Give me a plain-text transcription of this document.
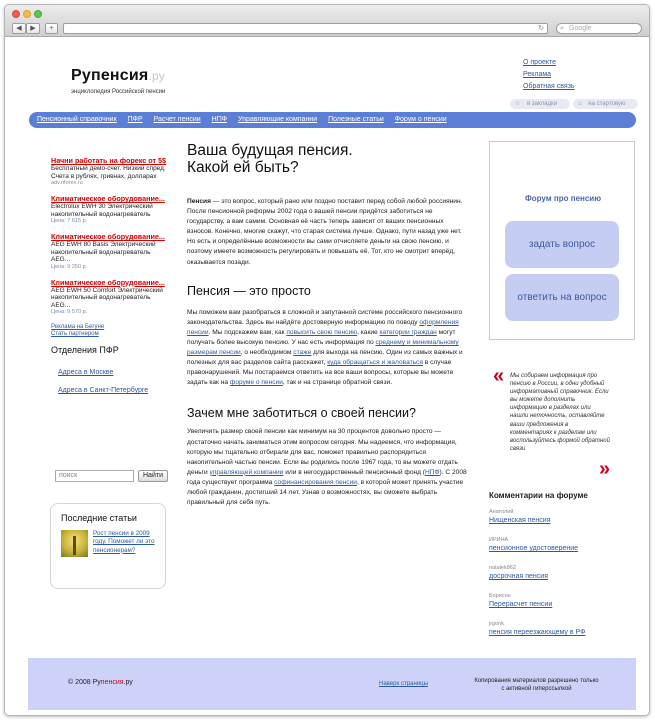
◀	▶	+	↻ ⌕ Google
Рупенсия.ру
энциклопедия Российской пенсии
О проекте
Реклама
Обратная связь
☆ в закладки	⌂ на стартовую
Пенсионный справочник ПФР Расчет пенсии НПФ Управляющие компании Полезные статьи Форум о пенсии
Начни работать на форекс от 5$
Бесплатный демо-счет. Низкий спред. Счета в рублях, гривнах, долларах
adv.nforex.ru
Климатическое оборудование...
Electrolux EWH 30 Электрический накопительный водонагреватель
Цена: 7 615 р.
Климатическое оборудование...
AEG EWH 80 Basis Электрический накопительный водонагреватель AEG...
Цена: 9 250 р.
Климатическое оборудование...
AEG EWH 50 Comfort Электрический накопительный водонагреватель AEG...
Цена: 9 570 р.
Реклама на Бегуне
Стать партнером
Отделения ПФР
Адреса в Москве
Адреса в Санкт-Петербурге
поиск	Найти
Последние статьи
Рост пенсии в 2009 году. Поможет ли это пенсионерам?
Ваша будущая пенсия.
Какой ей быть?

Пенсия — это вопрос, который рано или поздно поставит перед собой любой россиянин. После пенсионной реформы 2002 года о вашей пенсии придётся заботиться не государству, а вам самим. Основная её часть теперь зависит от ваших пенсионных взносов. Конечно, многие скажут, что старая система лучше. Однако, пути назад уже нет. Но есть и определённые возможности вы сами отчисляете деньги на свою пенсию, и поэтому имеете возможность регулировать и повышать её. Тот, кто не смотрит вперёд, оказывается позади.

Пенсия — это просто

Мы поможем вам разобраться в сложной и запутанной системе российского пенсионного законодательства. Здесь вы найдёте достоверную информацию по поводу оформления пенсии. Мы подскажем вам, как повысить свою пенсию, какие категории граждан могут получать более высокую пенсию. У нас есть информация по среднему и минимальному размерам пенсии, о необходимом стаже для выхода на пенсию. Один из самых важных и полезных для вас разделов сайта расскажет, куда обращаться и жаловаться в случае правонарушений. Мы постараемся ответить на все ваши вопросы, которые вы можете задать как на форуме о пенсии, так и на странице обратной связи.

Зачем мне заботиться о своей пенсии?

Увеличить размер своей пенсии как минимум на 30 процентов довольно просто — достаточно начать заниматься этим вопросом сегодня. Мы надеемся, что информация, которую мы тщательно отбирали для вас, поможет правильно распорядиться накопительной частью пенсии. Если вы родились после 1967 года, то вы можете отдать деньги управляющей компании или в негосударственный пенсионный фонд (НПФ). С 2008 года существует программа софинансирования пенсии, в которой может принять участие любой гражданин, достигший 14 лет. Узнав о возможностях, вы сможете выбрать правильный для себя путь.

Форум про пенсию
задать вопрос
ответить на вопрос
« Мы собираем информация про пенсию в России, в одни удобный информативный справочник. Если вы можете дополнить информацию в разделах или нашли неточность, оставляйте ваши предложения в комментариях к разделам или воспользуйтесь формой обратной связи
»
Комментарии на форуме
Анатолий
Нищенская пенсия
ИРИНА
пенсионное удостоверение
natalek862
досрочная пенсия
Борисон
Перерасчет пенсии
jrgonk
пенсия переезжающему в РФ
© 2008 Рупенсия.ру	Наверх страницы	Копирования материалов разрешено только с активной гиперссылкой
